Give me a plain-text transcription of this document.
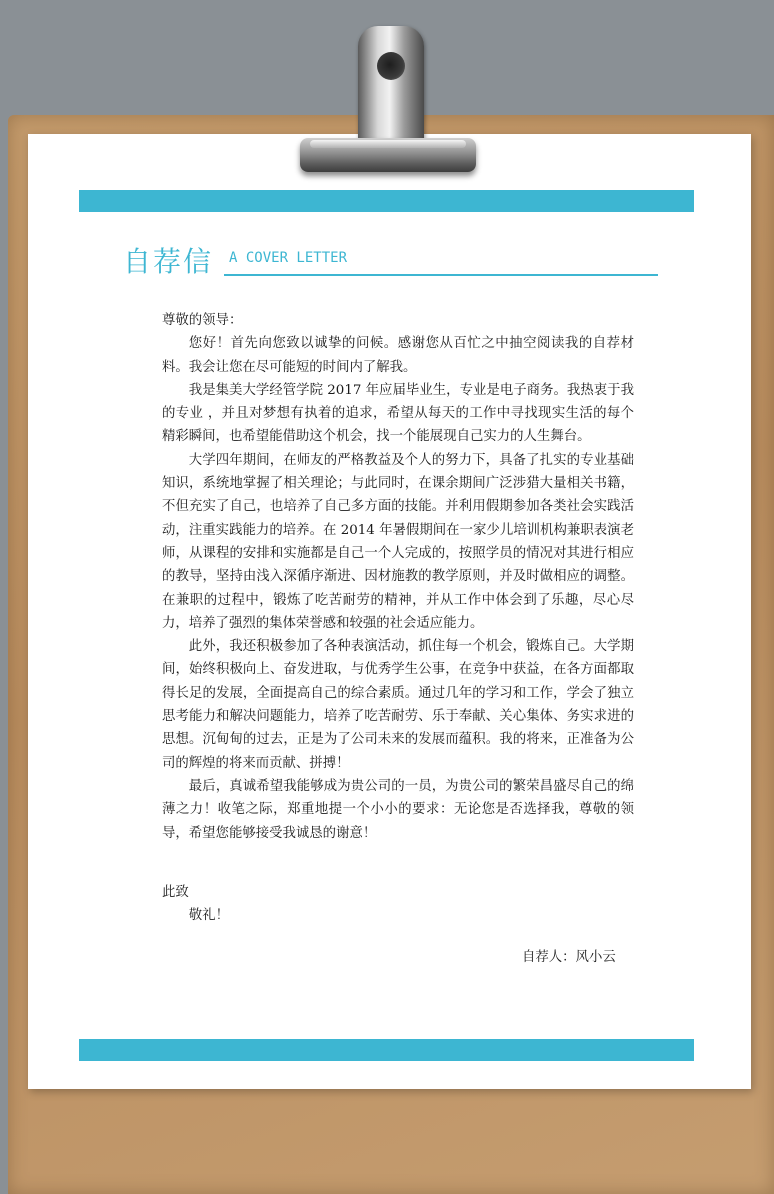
自荐信 A COVER LETTER

尊敬的领导：

您好！首先向您致以诚挚的问候。感谢您从百忙之中抽空阅读我的自荐材料。我会让您在尽可能短的时间内了解我。

我是集美大学经管学院 2017 年应届毕业生，专业是电子商务。我热衷于我的专业 ，并且对梦想有执着的追求，希望从每天的工作中寻找现实生活的每个精彩瞬间，也希望能借助这个机会，找一个能展现自己实力的人生舞台。

大学四年期间，在师友的严格教益及个人的努力下，具备了扎实的专业基础知识，系统地掌握了相关理论；与此同时，在课余期间广泛涉猎大量相关书籍，不但充实了自己，也培养了自己多方面的技能。并利用假期参加各类社会实践活动，注重实践能力的培养。在 2014 年暑假期间在一家少儿培训机构兼职表演老师，从课程的安排和实施都是自己一个人完成的，按照学员的情况对其进行相应的教导，坚持由浅入深循序渐进、因材施教的教学原则，并及时做相应的调整。在兼职的过程中，锻炼了吃苦耐劳的精神，并从工作中体会到了乐趣，尽心尽力，培养了强烈的集体荣誉感和较强的社会适应能力。

此外，我还积极参加了各种表演活动，抓住每一个机会，锻炼自己。大学期间，始终积极向上、奋发进取，与优秀学生公事，在竞争中获益，在各方面都取得长足的发展，全面提高自己的综合素质。通过几年的学习和工作，学会了独立思考能力和解决问题能力，培养了吃苦耐劳、乐于奉献、关心集体、务实求进的思想。沉甸甸的过去，正是为了公司未来的发展而蕴积。我的将来，正准备为公司的辉煌的将来而贡献、拼搏！

最后，真诚希望我能够成为贵公司的一员，为贵公司的繁荣昌盛尽自己的绵薄之力！收笔之际，郑重地提一个小小的要求：无论您是否选择我，尊敬的领导，希望您能够接受我诚恳的谢意！

此致

敬礼！

自荐人：风小云
